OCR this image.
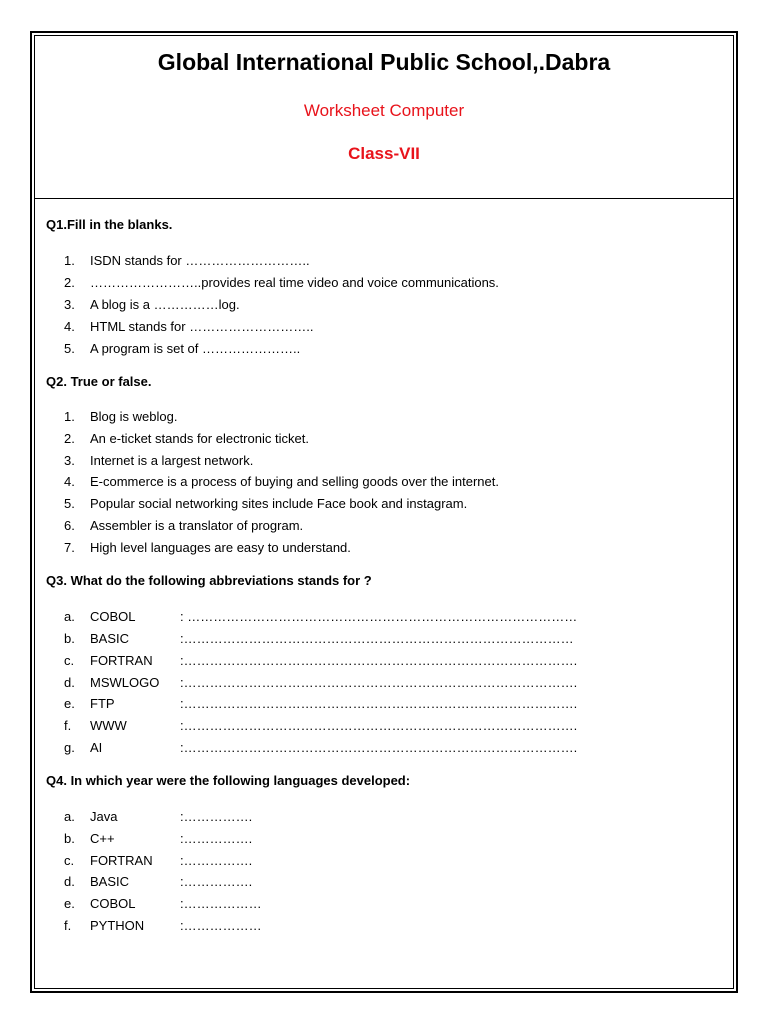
Global International Public School,.Dabra
Worksheet Computer
Class-VII
Q1.Fill in the blanks.
1. ISDN stands for ………………………..
2. ……………………..provides real time video and voice communications.
3. A blog is a ……………log.
4. HTML stands for ………………………..
5. A program is set of …………………..
Q2. True or false.
1. Blog is weblog.
2. An e-ticket stands for electronic ticket.
3. Internet is a largest network.
4. E-commerce is a process of buying and selling goods over the internet.
5. Popular social networking sites include Face book and instagram.
6. Assembler is a translator of program.
7. High level languages are easy to understand.
Q3. What do the following abbreviations stands for ?
a. COBOL	: ………………………………………………………………………………
b. BASIC	:………………………………………………………………………………
c. FORTRAN :……………………………………………………………………………….
d. MSWLOGO :……………………………………………………………………………….
e. FTP	:……………………………………………………………………………….
f. WWW	:……………………………………………………………………………….
g. AI	:……………………………………………………………………………….
Q4. In which year were the following languages developed:
a. Java	:…………….
b. C++	:…………….
c. FORTRAN :…………….
d. BASIC	:…………….
e. COBOL	:………………
f. PYTHON	:………………
